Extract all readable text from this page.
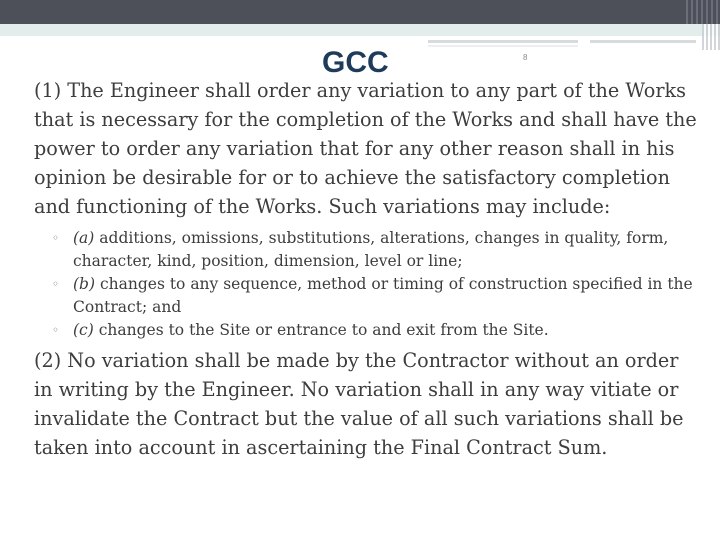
GCC	8

(1) The Engineer shall order any variation to any part of the Works that is necessary for the completion of the Works and shall have the power to order any variation that for any other reason shall in his opinion be desirable for or to achieve the satisfactory completion and functioning of the Works. Such variations may include:

◦ (a) additions, omissions, substitutions, alterations, changes in quality, form, character, kind, position, dimension, level or line;
◦ (b) changes to any sequence, method or timing of construction specified in the Contract; and
◦ (c) changes to the Site or entrance to and exit from the Site.

(2) No variation shall be made by the Contractor without an order in writing by the Engineer. No variation shall in any way vitiate or invalidate the Contract but the value of all such variations shall be taken into account in ascertaining the Final Contract Sum.
